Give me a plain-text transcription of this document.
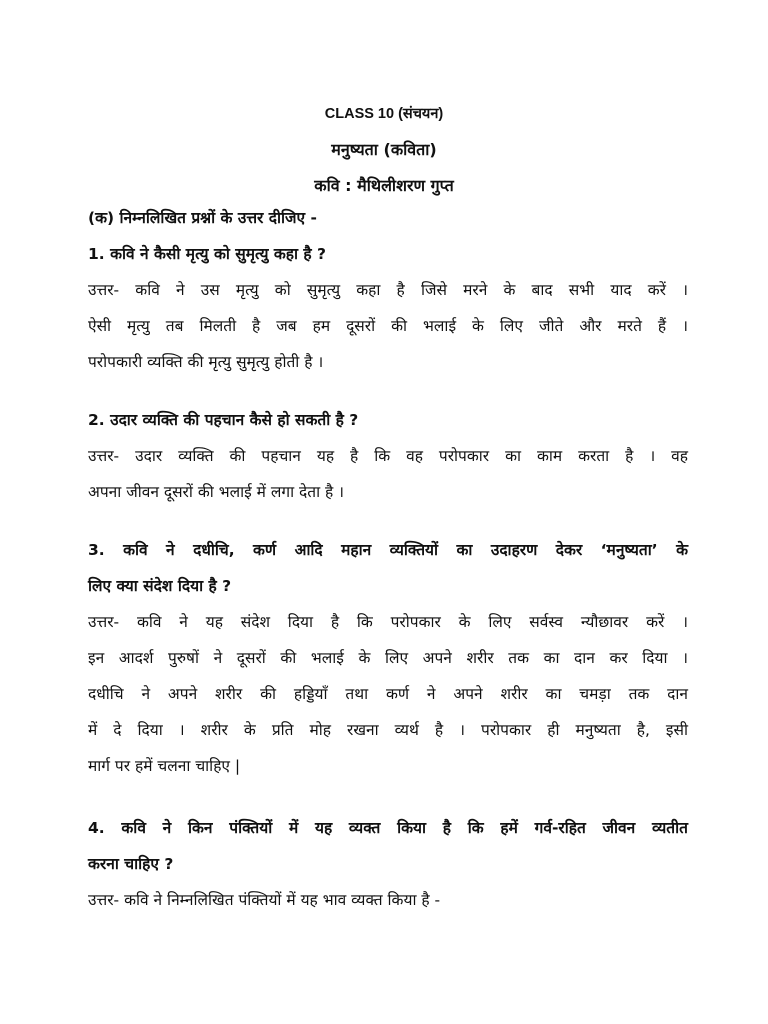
CLASS 10 (संचयन)
मनुष्यता (कविता)
कवि : मैथिलीशरण गुप्त
(क) निम्नलिखित प्रश्नों के उत्तर दीजिए -
1. कवि ने कैसी मृत्यु को सुमृत्यु कहा है ?
उत्तर- कवि ने उस मृत्यु को सुमृत्यु कहा है जिसे मरने के बाद सभी याद करें ।
ऐसी मृत्यु तब मिलती है जब हम दूसरों की भलाई के लिए जीते और मरते हैं ।
परोपकारी व्यक्ति की मृत्यु सुमृत्यु होती है ।
2. उदार व्यक्ति की पहचान कैसे हो सकती है ?
उत्तर- उदार व्यक्ति की पहचान यह है कि वह परोपकार का काम करता है । वह
अपना जीवन दूसरों की भलाई में लगा देता है ।
3. कवि ने दधीचि, कर्ण आदि महान व्यक्तियों का उदाहरण देकर ‘मनुष्यता’ के
लिए क्या संदेश दिया है ?
उत्तर- कवि ने यह संदेश दिया है कि परोपकार के लिए सर्वस्व न्यौछावर करें ।
इन आदर्श पुरुषों ने दूसरों की भलाई के लिए अपने शरीर तक का दान कर दिया ।
दधीचि ने अपने शरीर की हड्डियाँ तथा कर्ण ने अपने शरीर का चमड़ा तक दान
में दे दिया । शरीर के प्रति मोह रखना व्यर्थ है । परोपकार ही मनुष्यता है, इसी
मार्ग पर हमें चलना चाहिए |
4. कवि ने किन पंक्तियों में यह व्यक्त किया है कि हमें गर्व-रहित जीवन व्यतीत
करना चाहिए ?
उत्तर- कवि ने निम्नलिखित पंक्तियों में यह भाव व्यक्त किया है -
